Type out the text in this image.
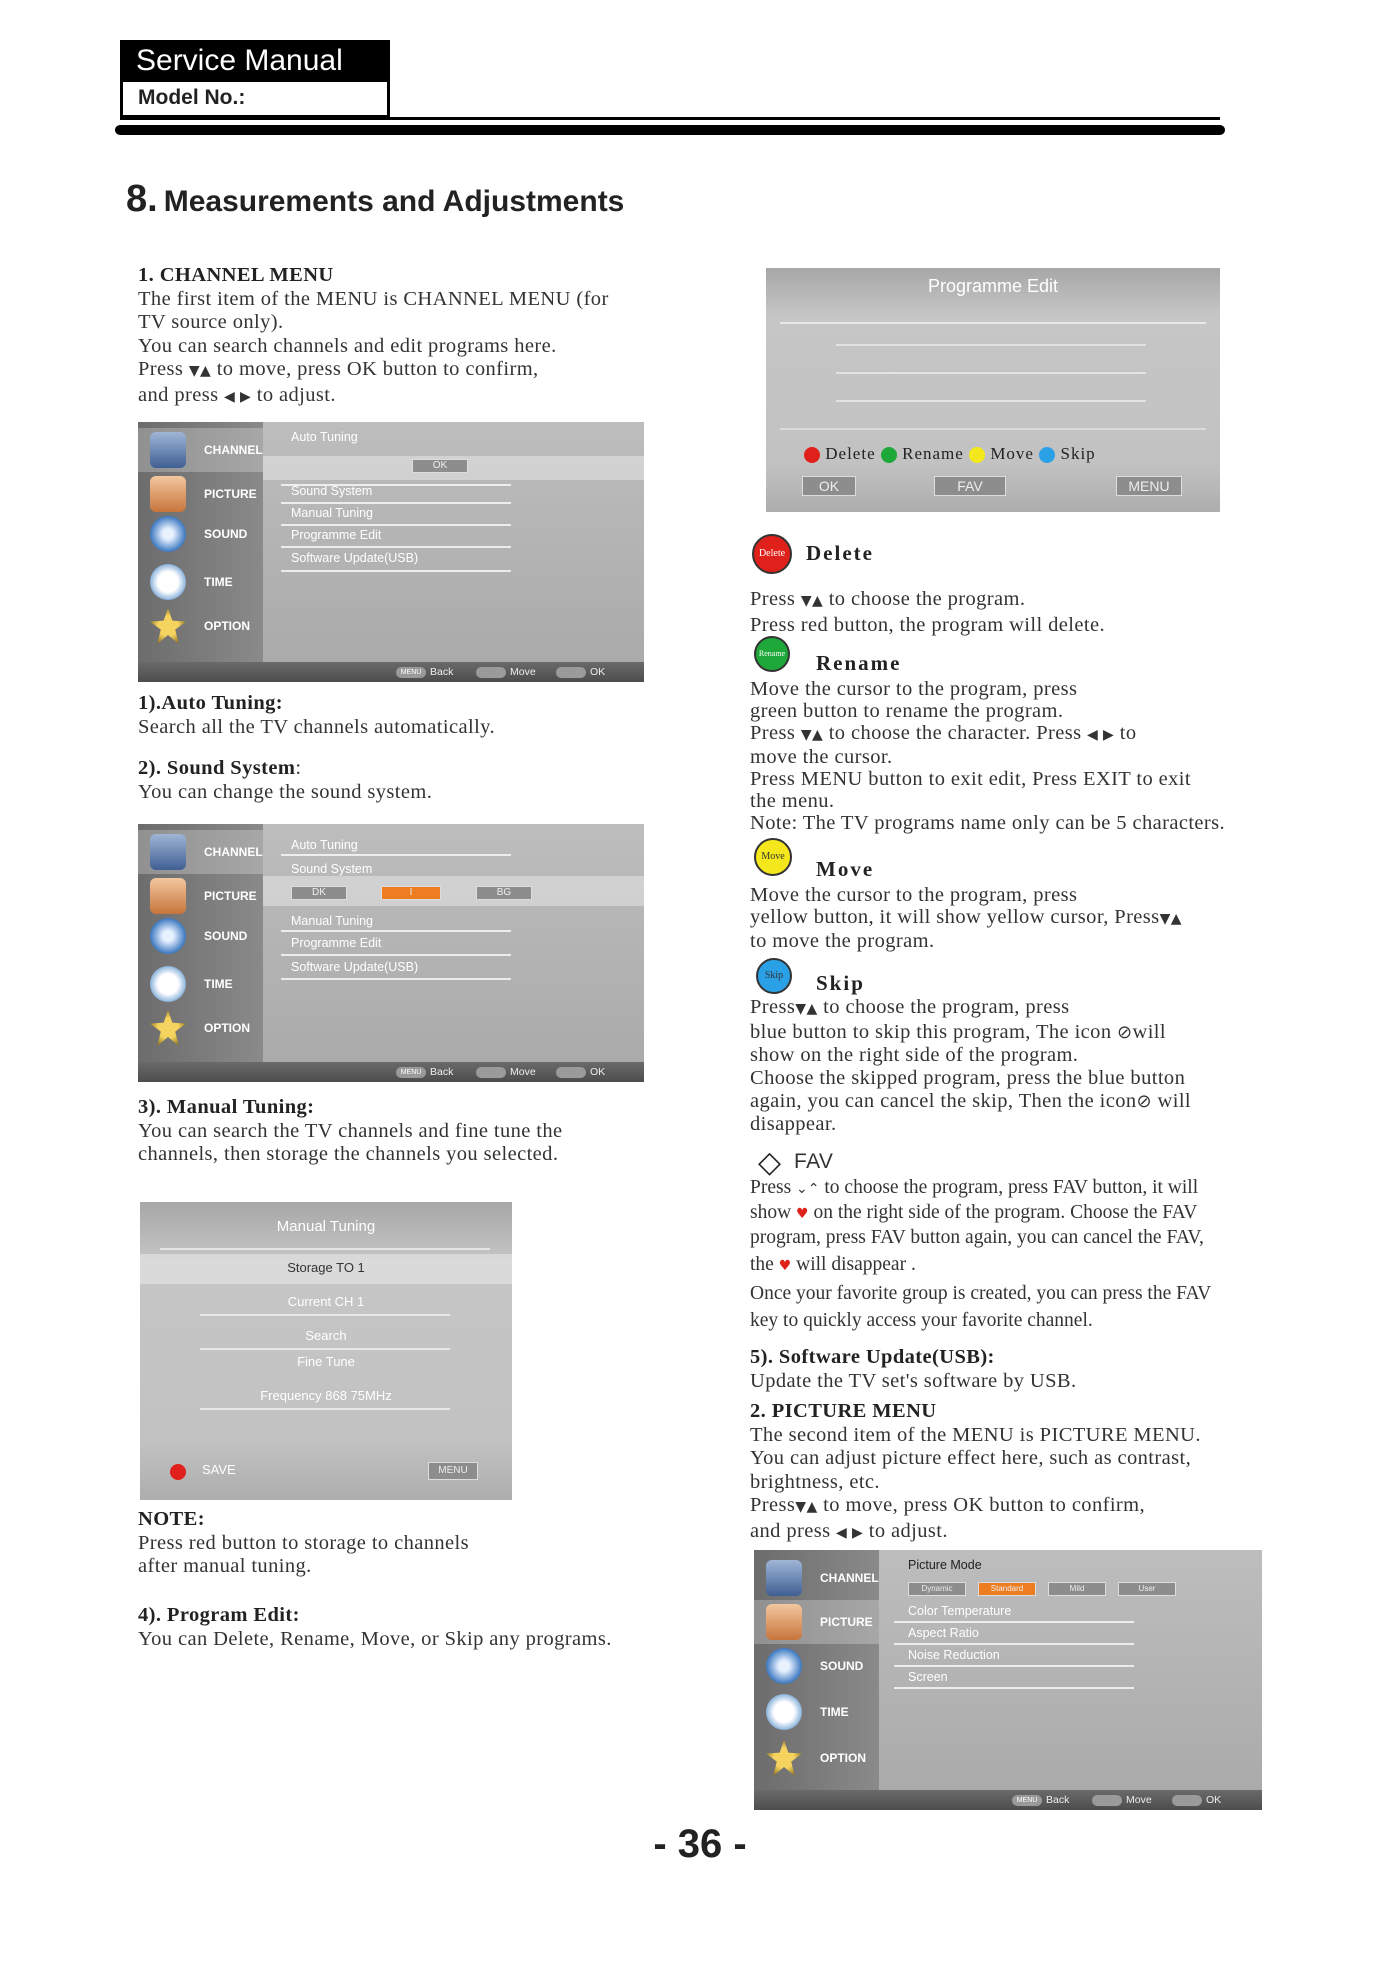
Service Manual
Model No.:
8. Measurements and Adjustments
1. CHANNEL MENU
The first item of the MENU is CHANNEL MENU (for
TV source only).
You can search channels and edit programs here.
Press ▼▲ to move, press OK button to confirm,
and press ◀ ▶ to adjust.
CHANNEL
PICTURE
SOUND
TIME
OPTION
Auto Tuning
OK
Sound System
Manual Tuning
Programme Edit
Software Update(USB)
MENU Back	Move	OK
1).Auto Tuning:
Search all the TV channels automatically.
2). Sound System:
You can change the sound system.
CHANNEL
PICTURE
SOUND
TIME
OPTION
Auto Tuning
Sound System
DK	I	BG
Manual Tuning
Programme Edit
Software Update(USB)
MENU Back	Move	OK
3). Manual Tuning:
You can search the TV channels and fine tune the
channels, then storage the channels you selected.
Manual Tuning
Storage TO 1
Current CH 1
Search
Fine Tune
Frequency 868 75MHz
SAVE	MENU
NOTE:
Press red button to storage to channels
after manual tuning.
4). Program Edit:
You can Delete, Rename, Move, or Skip any programs.
Programme Edit
Delete Rename Move Skip
OK	FAV	MENU
Delete Delete
Press ▼▲ to choose the program.
Press red button, the program will delete.
Rename Rename
Move the cursor to the program, press
green button to rename the program.
Press ▼▲ to choose the character. Press ◀ ▶ to
move the cursor.
Press MENU button to exit edit, Press EXIT to exit
the menu.
Note: The TV programs name only can be 5 characters.
Move
Move
Move the cursor to the program, press
yellow button, it will show yellow cursor, Press▼▲
to move the program.
Skip	Skip
Press▼▲ to choose the program, press
blue button to skip this program, The icon ⊘will
show on the right side of the program.
Choose the skipped program, press the blue button
again, you can cancel the skip, Then the icon⊘ will
disappear.
◇ FAV
Press ⌄⌃ to choose the program, press FAV button, it will
show ♥ on the right side of the program. Choose the FAV
program, press FAV button again, you can cancel the FAV,
the ♥ will disappear .
Once your favorite group is created, you can press the FAV
key to quickly access your favorite channel.
5). Software Update(USB):
Update the TV set's software by USB.
2. PICTURE MENU
The second item of the MENU is PICTURE MENU.
You can adjust picture effect here, such as contrast,
brightness, etc.
Press▼▲ to move, press OK button to confirm,
and press ◀ ▶ to adjust.
CHANNEL
PICTURE
SOUND
TIME
OPTION
Picture Mode
Dynamic	Standard	Mild	User
Color Temperature
Aspect Ratio
Noise Reduction
Screen
MENU Back	Move	OK
- 36 -
